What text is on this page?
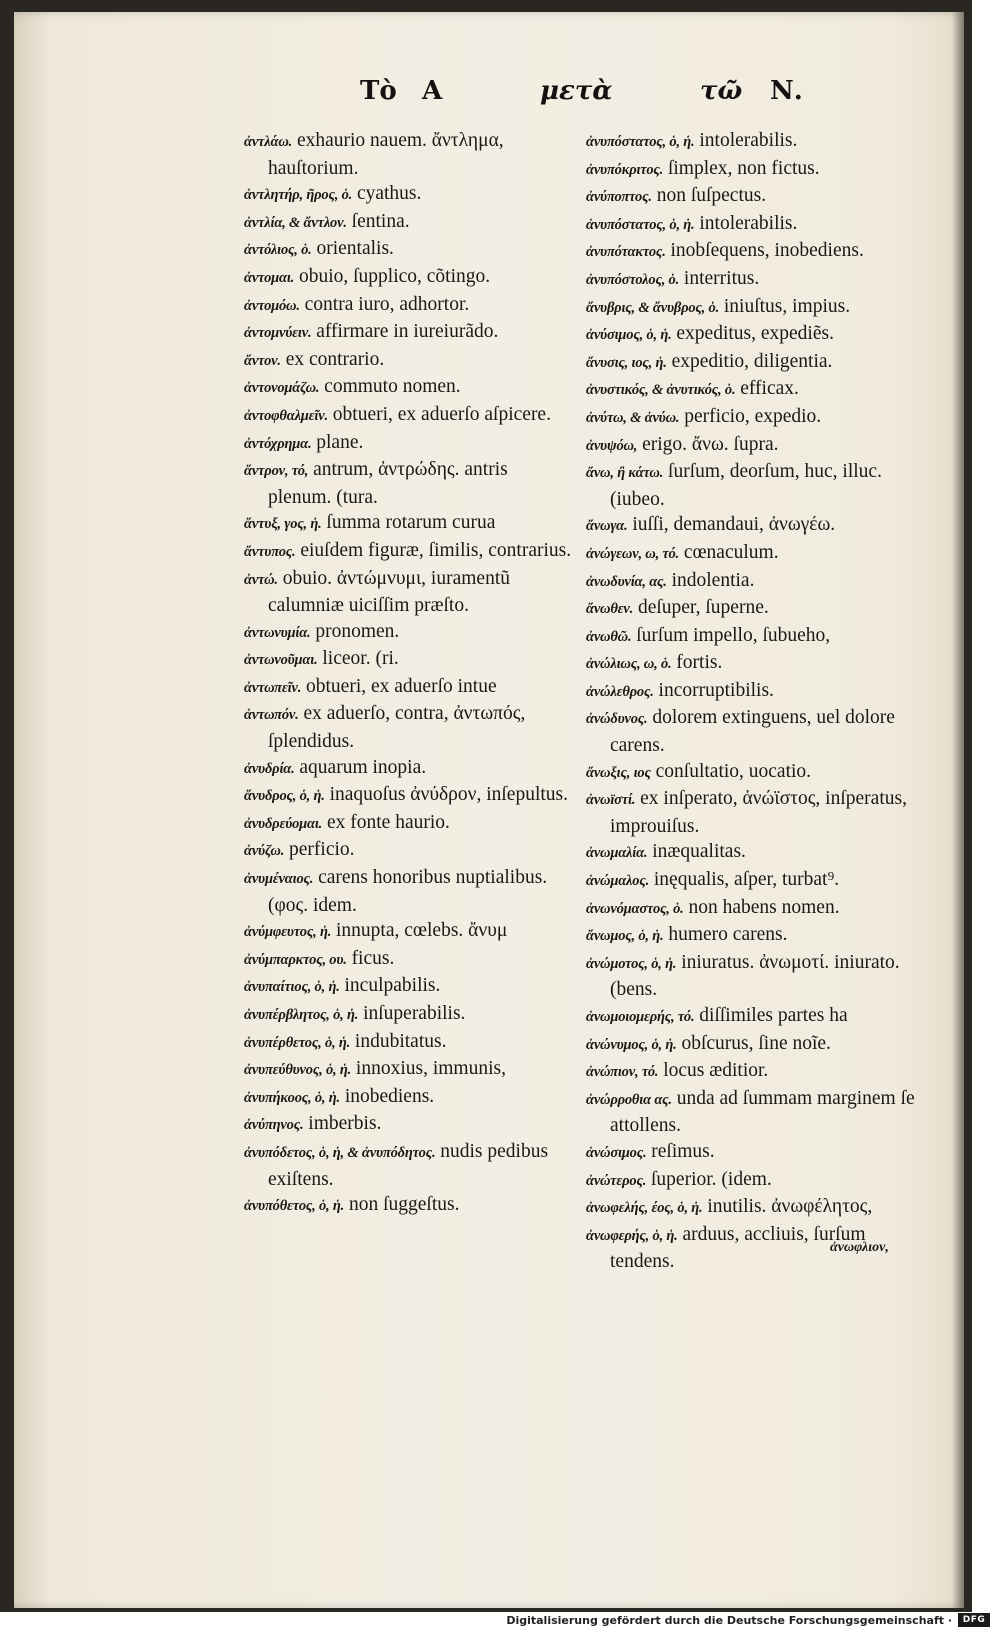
Τὸ Α	μετὰ	τῶ Ν.

ἀντλάω. exhaurio nauem. ἄντλημα, hauſtorium.

ἀντλητήρ, ῆρος, ὁ. cyathus.

ἀντλία, & ἄντλον. ſentina.

ἀντόλιος, ὁ. orientalis.

ἀντομαι. obuio, ſupplico, cõtingo.

ἀντομόω. contra iuro, adhortor.

ἀντομνύειν. affirmare in iureiurãdo.

ἄντον. ex contrario.

ἀντονομάζω. commuto nomen.

ἀντοφθαλμεῖν. obtueri, ex aduerſo aſpicere.

ἀντόχρημα. plane.

ἄντρον, τό, antrum, ἀντρώδης. antris plenum. (tura.

ἄντυξ, γος, ἡ. ſumma rotarum curua

ἄντυπος. eiuſdem figuræ, ſimilis, contrarius.

ἀντώ. obuio. ἀντώμνυμι, iuramentũ calumniæ uiciſſim præſto.

ἀντωνυμία. pronomen.

ἀντωνοῦμαι. liceor. (ri.

ἀντωπεῖν. obtueri, ex aduerſo intue

ἀντωπόν. ex aduerſo, contra, ἀντωπός, ſplendidus.

ἀνυδρία. aquarum inopia.

ἄνυδρος, ὁ, ἡ. inaquoſus ἀνύδρον, inſepultus.

ἀνυδρεύομαι. ex fonte haurio.

ἀνύζω. perficio.

ἀνυμέναιος. carens honoribus nuptialibus. (φος. idem.

ἀνύμφευτος, ἡ. innupta, cœlebs. ἄνυμ

ἀνύμπαρκτος, ου. ficus.

ἀνυπαίτιος, ὁ, ἡ. inculpabilis.

ἀνυπέρβλητος, ὁ, ἡ. inſuperabilis.

ἀνυπέρθετος, ὁ, ἡ. indubitatus.

ἀνυπεύθυνος, ὁ, ἡ. innoxius, immunis,

ἀνυπήκοος, ὁ, ἡ. inobediens.

ἀνύπηνος. imberbis.

ἀνυπόδετος, ὁ, ἡ, & ἀνυπόδητος. nudis pedibus exiſtens.

ἀνυπόθετος, ὁ, ἡ. non ſuggeſtus.

ἀνυπόστατος, ὁ, ἡ. intolerabilis.

ἀνυπόκριτος. ſimplex, non fictus.

ἀνύποπτος. non ſuſpectus.

ἀνυπόστατος, ὁ, ἡ. intolerabilis.

ἀνυπότακτος. inobſequens, inobediens.

ἀνυπόστολος, ὁ. interritus.

ἄνυβρις, & ἄνυβρος, ὁ. iniuſtus, impius.

ἀνύσιμος, ὁ, ἡ. expeditus, expediẽs.

ἄνυσις, ιος, ἡ. expeditio, diligentia.

ἀνυστικός, & ἀνυτικός, ὁ. efficax.

ἀνύτω, & ἀνύω. perficio, expedio.

ἀνυψόω, erigo. ἄνω. ſupra.

ἄνω, ἢ κάτω. ſurſum, deorſum, huc, illuc. (iubeo.

ἄνωγα. iuſſi, demandaui, ἀνωγέω.

ἀνώγεων, ω, τό. cœnaculum.

ἀνωδυνία, ας. indolentia.

ἄνωθεν. deſuper, ſuperne.

ἀνωθῶ. ſurſum impello, ſubueho,

ἀνώλιως, ω, ὁ. fortis.

ἀνώλεθρος. incorruptibilis.

ἀνώδυνος. dolorem extinguens, uel dolore carens.

ἄνωξις, ιος conſultatio, uocatio.

ἀνωϊστί. ex inſperato, ἀνώϊστος, inſperatus, improuiſus.

ἀνωμαλία. inæqualitas.

ἀνώμαλος. inęqualis, aſper, turbat⁹.

ἀνωνόμαστος, ὁ. non habens nomen.

ἄνωμος, ὁ, ἡ. humero carens.

ἀνώμοτος, ὁ, ἡ. iniuratus. ἀνωμοτί. iniurato. (bens.

ἀνωμοιομερής, τό. diſſimiles partes ha

ἀνώνυμος, ὁ, ἡ. obſcurus, ſine noĩe.

ἀνώπιον, τό. locus æditior.

ἀνώρροθια ας. unda ad ſummam marginem ſe attollens.

ἀνώσιμος. reſimus.

ἀνώτερος. ſuperior. (idem.

ἀνωφελής, έος, ὁ, ἡ. inutilis. ἀνωφέλητος,

ἀνωφερής, ὁ, ἡ. arduus, accliuis, ſurſum tendens.

ἀνωφλιον,
Digitalisierung gefördert durch die Deutsche Forschungsgemeinschaft ·	DFG
